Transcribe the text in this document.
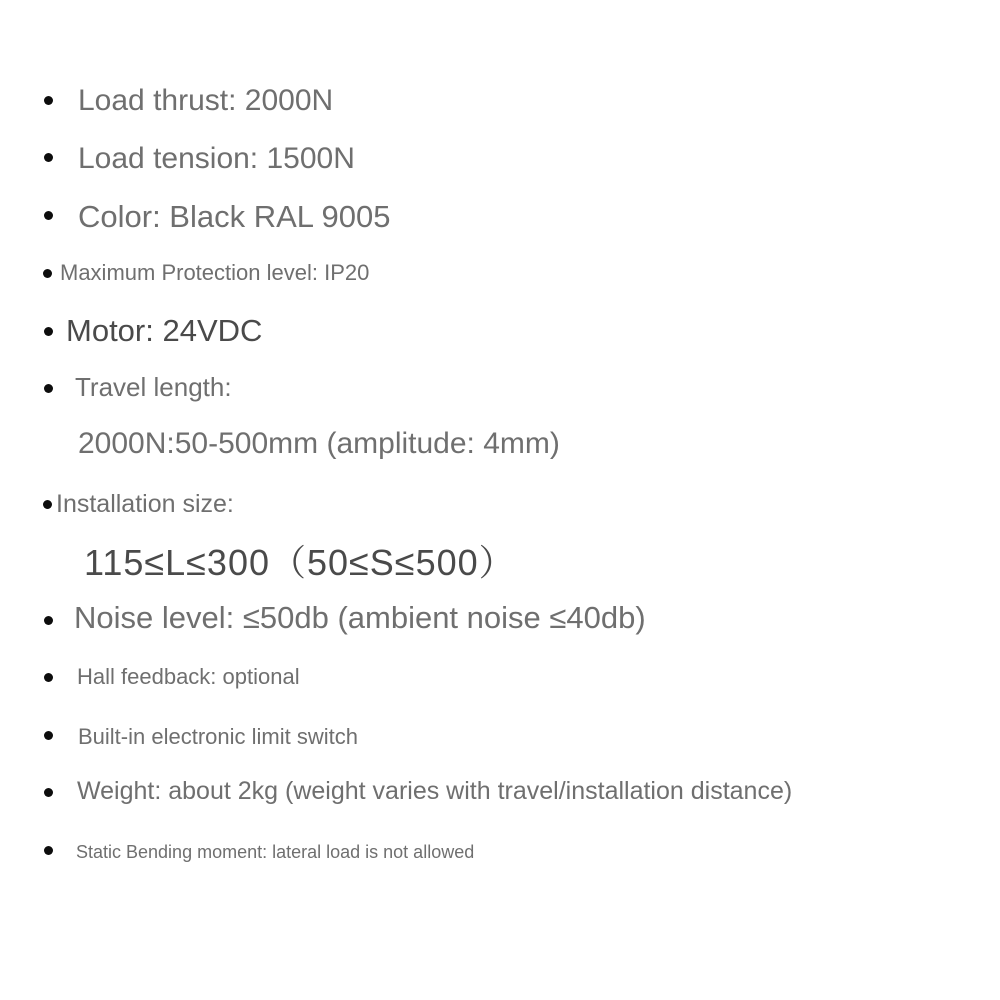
Load thrust: 2000N
Load tension: 1500N
Color: Black RAL 9005
Maximum Protection level: IP20
Motor: 24VDC
Travel length:
2000N:50-500mm (amplitude: 4mm)
Installation size:
115≤L≤300（50≤S≤500）
Noise level: ≤50db (ambient noise ≤40db)
Hall feedback: optional
Built-in electronic limit switch
Weight: about 2kg (weight varies with travel/installation distance)
Static Bending moment: lateral load is not allowed
